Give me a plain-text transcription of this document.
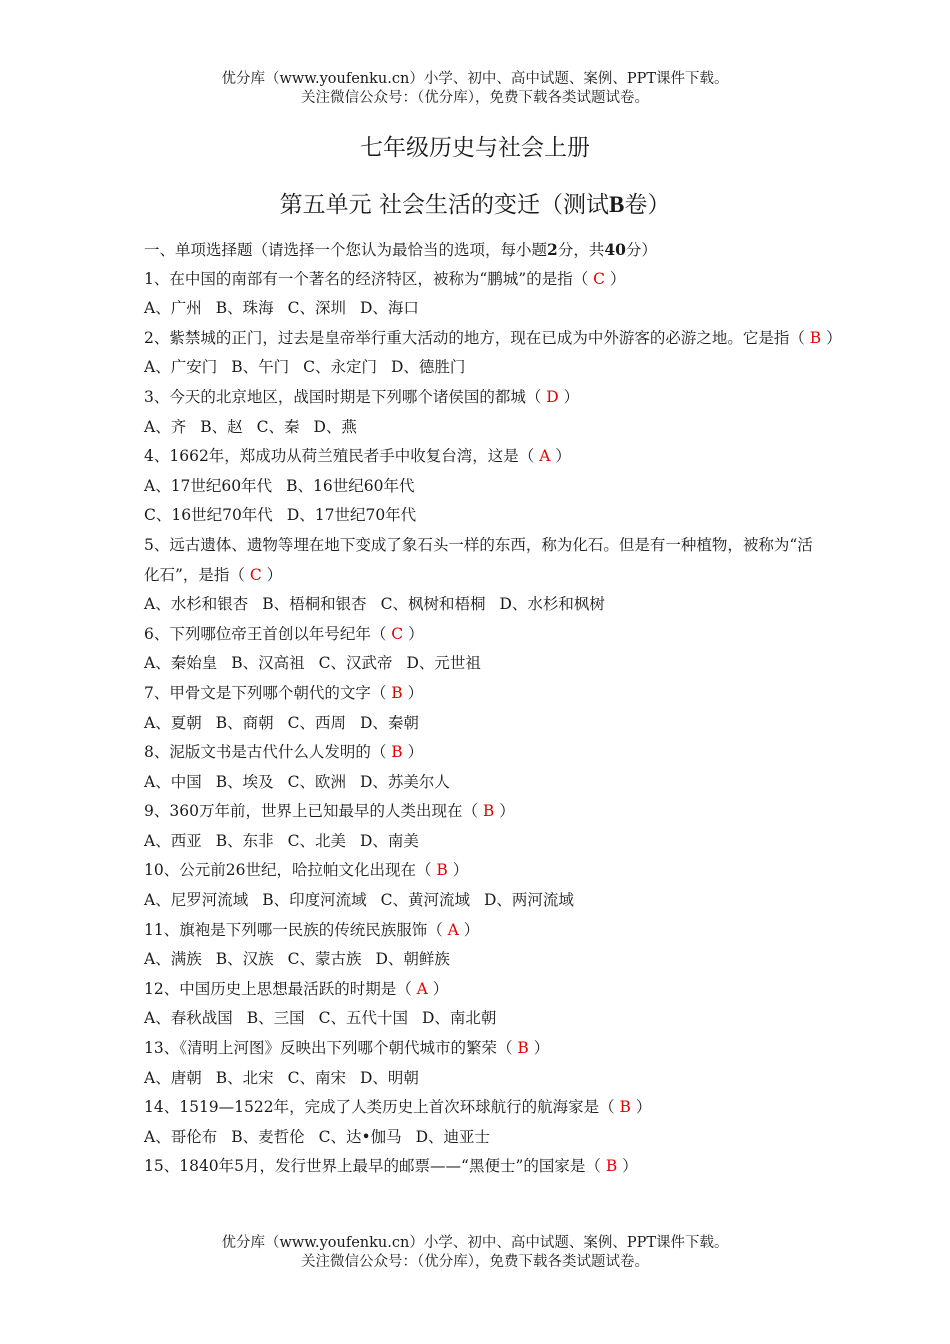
优分库（www.youfenku.cn）小学、初中、高中试题、案例、PPT课件下载。
关注微信公众号：（优分库），免费下载各类试题试卷。
七年级历史与社会上册
第五单元 社会生活的变迁（测试B卷）
一、单项选择题（请选择一个您认为最恰当的选项，每小题2分，共40分）
1、在中国的南部有一个著名的经济特区，被称为“鹏城”的是指（ C ）
A、广州 B、珠海 C、深圳 D、海口
2、紫禁城的正门，过去是皇帝举行重大活动的地方，现在已成为中外游客的必游之地。它是指（ B ）
A、广安门 B、午门 C、永定门 D、德胜门
3、今天的北京地区，战国时期是下列哪个诸侯国的都城（ D ）
A、齐 B、赵 C、秦 D、燕
4、1662年，郑成功从荷兰殖民者手中收复台湾，这是（ A ）
A、17世纪60年代 B、16世纪60年代
C、16世纪70年代 D、17世纪70年代
5、远古遗体、遗物等埋在地下变成了象石头一样的东西，称为化石。但是有一种植物，被称为“活化石”，是指（ C ）
A、水杉和银杏 B、梧桐和银杏 C、枫树和梧桐 D、水杉和枫树
6、下列哪位帝王首创以年号纪年（ C ）
A、秦始皇 B、汉高祖 C、汉武帝 D、元世祖
7、甲骨文是下列哪个朝代的文字（ B ）
A、夏朝 B、商朝 C、西周 D、秦朝
8、泥版文书是古代什么人发明的（ B ）
A、中国 B、埃及 C、欧洲 D、苏美尔人
9、360万年前，世界上已知最早的人类出现在（ B ）
A、西亚 B、东非 C、北美 D、南美
10、公元前26世纪，哈拉帕文化出现在（ B ）
A、尼罗河流域 B、印度河流域 C、黄河流域 D、两河流域
11、旗袍是下列哪一民族的传统民族服饰（ A ）
A、满族 B、汉族 C、蒙古族 D、朝鲜族
12、中国历史上思想最活跃的时期是（ A ）
A、春秋战国 B、三国 C、五代十国 D、南北朝
13、《清明上河图》反映出下列哪个朝代城市的繁荣（ B ）
A、唐朝 B、北宋 C、南宋 D、明朝
14、1519—1522年，完成了人类历史上首次环球航行的航海家是（ B ）
A、哥伦布 B、麦哲伦 C、达•伽马 D、迪亚士
15、1840年5月，发行世界上最早的邮票——“黑便士”的国家是（ B ）
优分库（www.youfenku.cn）小学、初中、高中试题、案例、PPT课件下载。
关注微信公众号：（优分库），免费下载各类试题试卷。
